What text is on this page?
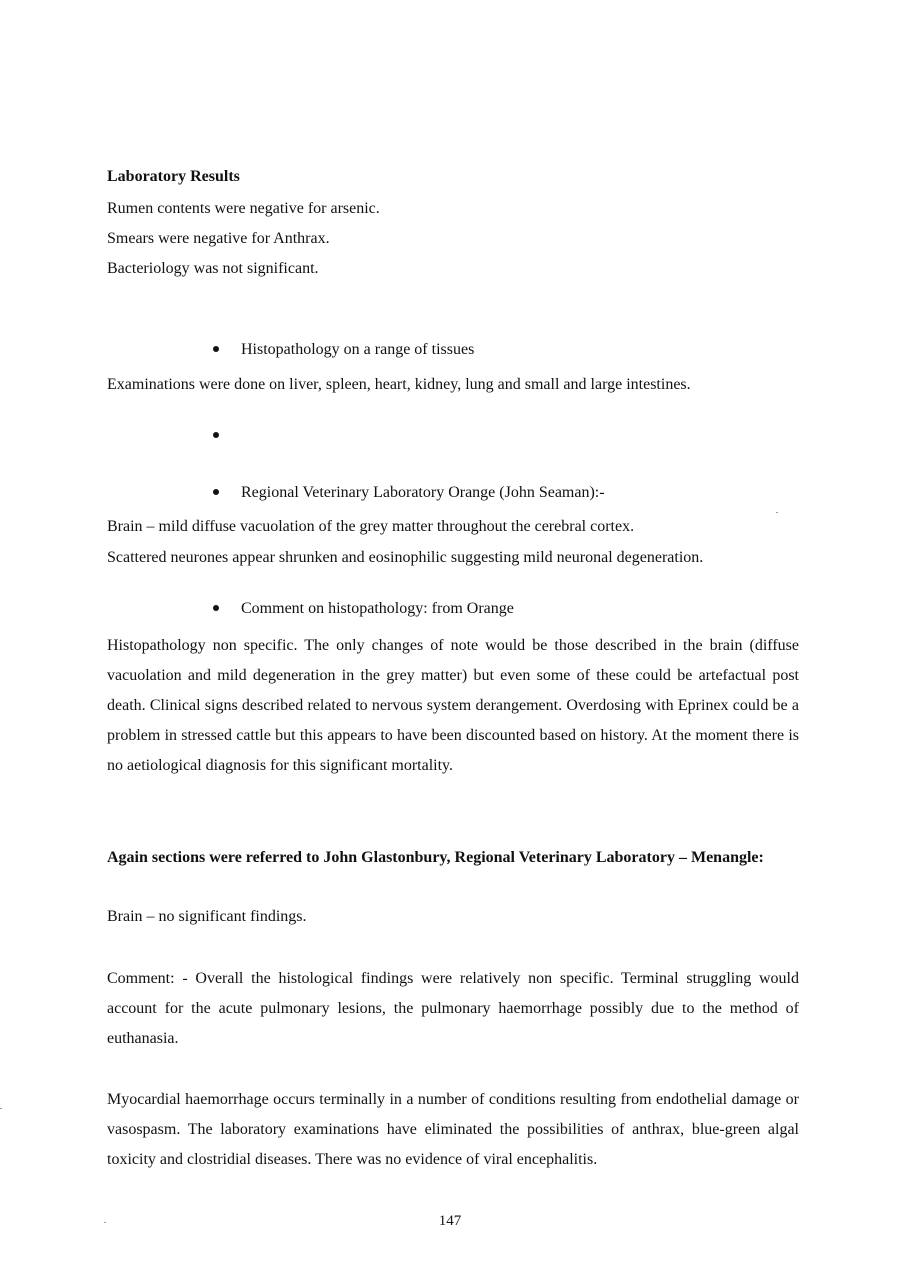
Laboratory Results
Rumen contents were negative for arsenic.
Smears were negative for Anthrax.
Bacteriology was not significant.
Histopathology on a range of tissues
Examinations were done on liver, spleen, heart, kidney, lung and small and large intestines.
Regional Veterinary Laboratory Orange (John Seaman):-
Brain – mild diffuse vacuolation of the grey matter throughout the cerebral cortex.
Scattered neurones appear shrunken and eosinophilic suggesting mild neuronal degeneration.
Comment on histopathology: from Orange
Histopathology non specific. The only changes of note would be those described in the brain (diffuse vacuolation and mild degeneration in the grey matter) but even some of these could be artefactual post death. Clinical signs described related to nervous system derangement. Overdosing with Eprinex could be a problem in stressed cattle but this appears to have been discounted based on history. At the moment there is no aetiological diagnosis for this significant mortality.
Again sections were referred to John Glastonbury, Regional Veterinary Laboratory – Menangle:
Brain – no significant findings.
Comment: - Overall the histological findings were relatively non specific. Terminal struggling would account for the acute pulmonary lesions, the pulmonary haemorrhage possibly due to the method of euthanasia.
Myocardial haemorrhage occurs terminally in a number of conditions resulting from endothelial damage or vasospasm. The laboratory examinations have eliminated the possibilities of anthrax, blue-green algal toxicity and clostridial diseases. There was no evidence of viral encephalitis.
147
